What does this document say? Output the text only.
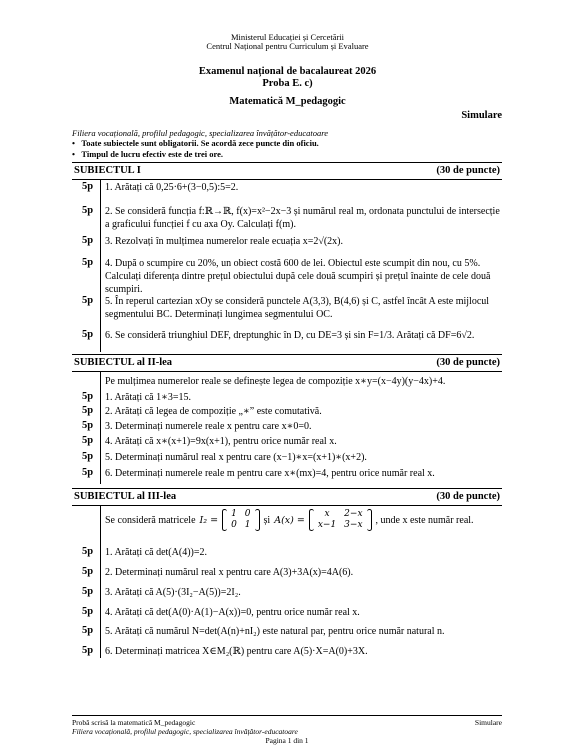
Ministerul Educației și Cercetării
Centrul Național pentru Curriculum și Evaluare
Examenul național de bacalaureat 2026
Proba E. c)
Matematică M_pedagogic
Simulare
Filiera vocațională, profilul pedagogic, specializarea învățător-educatoare
•   Toate subiectele sunt obligatorii. Se acordă zece puncte din oficiu.
•   Timpul de lucru efectiv este de trei ore.
SUBIECTUL I	(30 de puncte)
5p 1. Arătați că 0,25·6+(3−0,5):5=2.
5p 2. Se consideră funcția f:ℝ→ℝ, f(x)=x²−2x−3 și numărul real m, ordonata punctului de intersecție a graficului funcției f cu axa Oy. Calculați f(m).
5p 3. Rezolvați în mulțimea numerelor reale ecuația x=2√(2x).
5p 4. După o scumpire cu 20%, un obiect costă 600 de lei. Obiectul este scumpit din nou, cu 5%. Calculați diferența dintre prețul obiectului după cele două scumpiri și prețul înainte de cele două scumpiri.
5p 5. În reperul cartezian xOy se consideră punctele A(3,3), B(4,6) și C, astfel încât A este mijlocul segmentului BC. Determinați lungimea segmentului OC.
5p 6. Se consideră triunghiul DEF, dreptunghic în D, cu DE=3 și sin F=1/3. Arătați că DF=6√2.
SUBIECTUL al II-lea	(30 de puncte)
Pe mulțimea numerelor reale se definește legea de compoziție x∗y=(x−4y)(y−4x)+4.
5p 1. Arătați că 1∗3=15.
5p 2. Arătați că legea de compoziție „∗” este comutativă.
5p 3. Determinați numerele reale x pentru care x∗0=0.
5p 4. Arătați că x∗(x+1)=9x(x+1), pentru orice număr real x.
5p 5. Determinați numărul real x pentru care (x−1)∗x=(x+1)∗(x+2).
5p 6. Determinați numerele reale m pentru care x∗(mx)=4, pentru orice număr real x.
SUBIECTUL al III-lea	(30 de puncte)
Se consideră matricele I₂ =
1	0
0	1 și A(x) =
x	2−x
x−1	3−x , unde x este număr real.
5p 1. Arătați că det(A(4))=2.
5p 2. Determinați numărul real x pentru care A(3)+3A(x)=4A(6).
5p 3. Arătați că A(5)·(3I₂−A(5))=2I₂.
5p 4. Arătați că det(A(0)·A(1)−A(x))=0, pentru orice număr real x.
5p 5. Arătați că numărul N=det(A(n)+nI₂) este natural par, pentru orice număr natural n.
5p 6. Determinați matricea X∈M₂(ℝ) pentru care A(5)·X=A(0)+3X.
Probă scrisă la matematică M_pedagogic	Simulare
Filiera vocațională, profilul pedagogic, specializarea învățător-educatoare
Pagina 1 din 1
